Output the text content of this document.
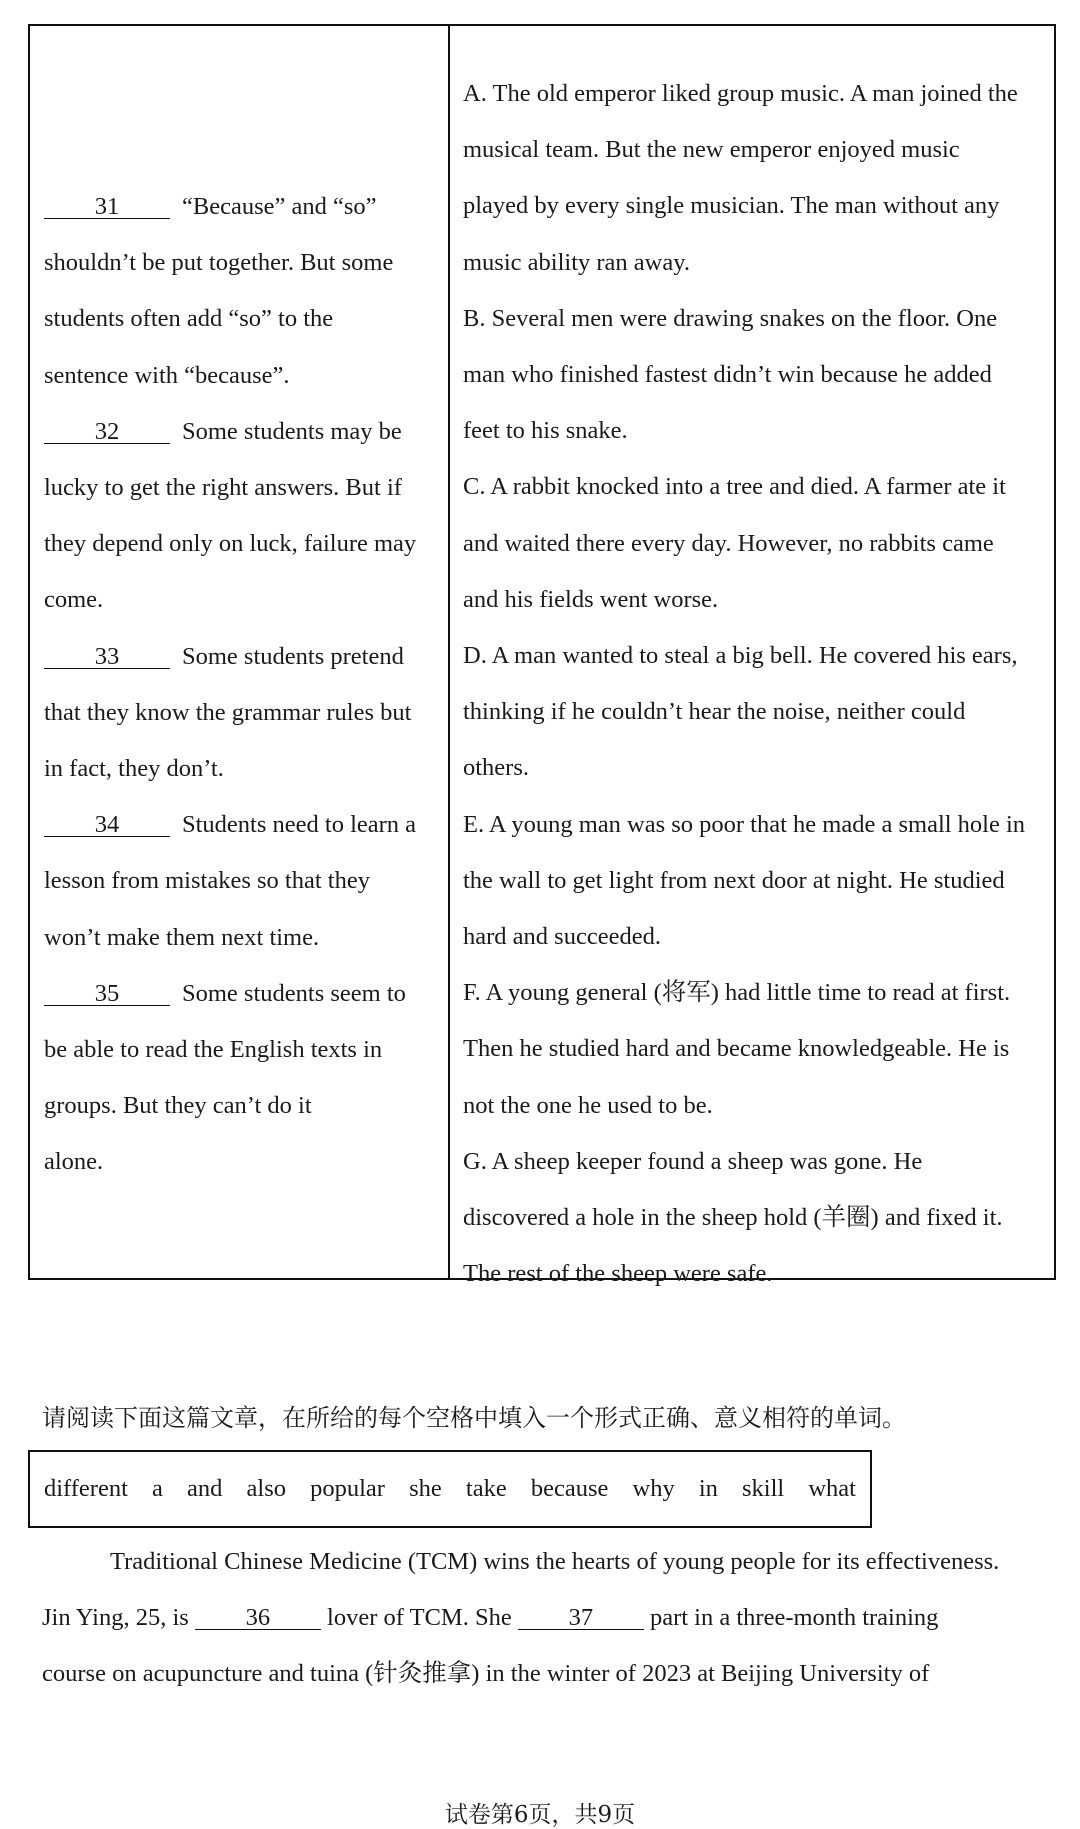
31	“Because” and “so”
shouldn’t be put together. But some
students often add “so” to the
sentence with “because”.
32	Some students may be
lucky to get the right answers. But if
they depend only on luck, failure may
come.
33	Some students pretend
that they know the grammar rules but
in fact, they don’t.
34	Students need to learn a
lesson from mistakes so that they
won’t make them next time.
35	Some students seem to
be able to read the English texts in
groups. But they can’t do it
alone.
A. The old emperor liked group music. A man joined the
musical team. But the new emperor enjoyed music
played by every single musician. The man without any
music ability ran away.
B. Several men were drawing snakes on the floor. One
man who finished fastest didn’t win because he added
feet to his snake.
C. A rabbit knocked into a tree and died. A farmer ate it
and waited there every day. However, no rabbits came
and his fields went worse.
D. A man wanted to steal a big bell. He covered his ears,
thinking if he couldn’t hear the noise, neither could
others.
E. A young man was so poor that he made a small hole in
the wall to get light from next door at night. He studied
hard and succeeded.
F. A young general (将军) had little time to read at first.
Then he studied hard and became knowledgeable. He is
not the one he used to be.
G. A sheep keeper found a sheep was gone. He
discovered a hole in the sheep hold (羊圈) and fixed it.
The rest of the sheep were safe.
请阅读下面这篇文章，在所给的每个空格中填入一个形式正确、意义相符的单词。
different a and also popular she take because why in skill what
Traditional Chinese Medicine (TCM) wins the hearts of young people for its effectiveness.
Jin Ying, 25, is 36 lover of TCM. She 37 part in a three-month training
course on acupuncture and tuina (针灸推拿) in the winter of 2023 at Beijing University of
试卷第6页，共9页
